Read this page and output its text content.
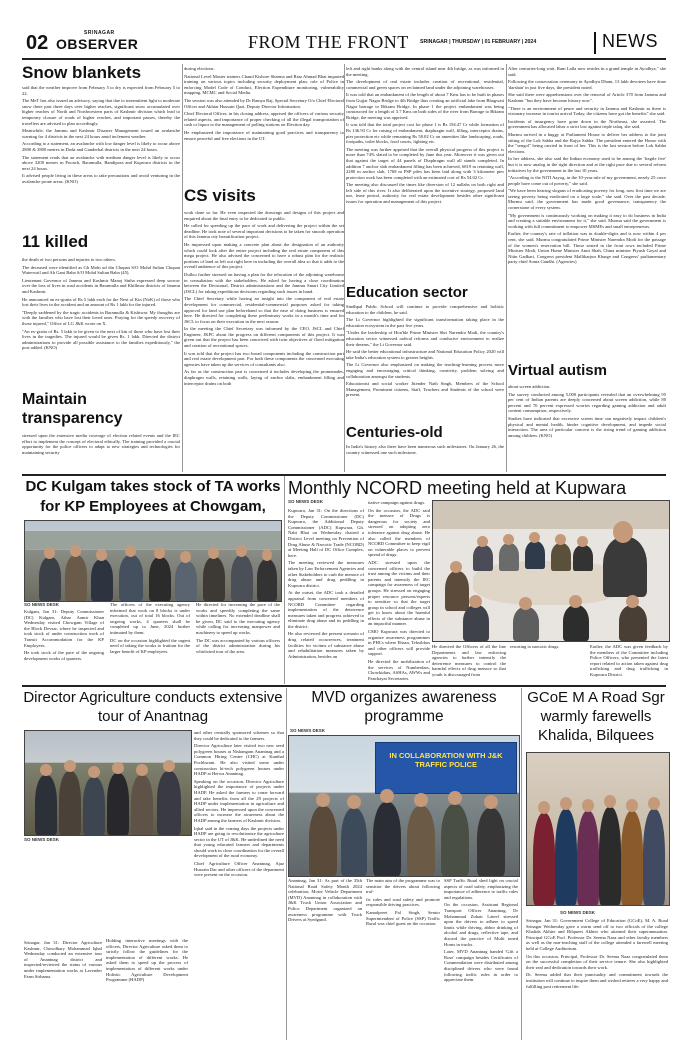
02	SRINAGAR
OBSERVER	FROM THE FRONT SRINAGAR | THURSDAY | 01 FEBRUARY | 2024	NEWS
Snow blankets

said that the weather improve from February 5 to dry is expected from February 5 to 22.

The MeT has also issued an advisory, saying that due to intermittent light to moderate snow there past three days over higher reaches, significant snow accumulated over higher reaches of North and Northwestern parts of Kashmir division which lead to temporary closure of roads of higher reaches, and important passes, thereby the travellers are advised to plan accordingly.

Meanwhile, the Jammu and Kashmir Disaster Management issued an avalanche warning for 4 districts in the next 24 hours amid inclement weather.

According to a statement, an avalanche with low danger level is likely to occur above 2800 & 3800 metres in Doda and Ganderbal districts in the next 24 hours.

The statement reads that an avalanche with medium danger level is likely to occur above 3200 metres in Poonch, Baramulla, Bandipora and Kupwara districts in the next 24 hours.

It advised people living in these areas to take precautions and avoid venturing in the avalanche prone areas. (KNO)

11 killed

the death of two persons and injuries to two others.

The deceased were identified as Gh Mohi ud din Chopan S/O Mohd Sultan Chopan Waterwail and Ab Gani Baba S/O Mohd Sultan Baba (45).

Lieutenant Governor of Jammu and Kashmir Manoj Sinha expressed deep sorrow over the loss of lives in road accidents in Baramulla and Khillmor districts of Jammu and Kashmir.

He announced an ex-gratia of Rs 5 lakh each for the Next of Kin (NoK) of those who lost their lives in the accident and an amount of Rs 1 lakh for the injured.

"Deeply saddened by the tragic accidents in Baramulla & Kishtwar. My thoughts are with the families who have lost their loved ones. Praying for the speedy recovery of those injured," Office of LG J&K wrote on X.

"An ex-gratia of Rs. 5 lakh to be given to the next of kin of those who have lost their lives in the tragedies. The injured would be given Rs. 1 lakh. Directed the district administrations to provide all possible assistance to the families expeditiously," the post added. (KNO)

Maintain transparency

stressed upon the extensive media coverage of election related events and the IEC effort to implement the concept of electoral ethically. The training provided a crucial opportunity for the police officers to adapt to new strategies and technologies for maintaining security

during elections.

National Level Master trainers Chand Kishore Sharma and Riaz Ahmad Bhat imparted training on various topics including security deployment plan, role of Police in enforcing Model Code of Conduct, Election Expenditure monitoring, vulnerability mapping, MCMC and Social Media.

The session was also attended by Dr Ramya Raj, Special Secretary O/o Chief Electoral Officer and Akhtar Hussain Qazi, Deputy Director Information.

Chief Electoral Officer, in his closing address, apprised the officers of various security related aspects, and importance of proper checking of all the illegal transportation of cash or liquor to the management of polling stations on Election day.

He emphasized the importance of maintaining good practices and transparency to ensure peaceful and free elections in the UT.

CS visits

work done so far. He even inspected the drawings and designs of this project and enquired about the final entry to be dedicated to public.

He called for speeding up the pace of work and delivering the project within the set deadline. He took note of several important decisions to be taken for smooth operation of this Jammu city beautification project.

He impressed upon making a concrete plan about the designation of an authority which could look after the entire project including the real estate component of this mega project. He also advised the concerned to have a robust plan for the realistic portions of land as left out right here in including the overall idea so that it adds to the overall ambience of this project.

Dulloo further stressed on having a plan for the relocation of the adjoining warehouse in consultation with the stakeholders. He asked for having a close coordination between the Divisional, District administrations and the Jammu Smart City Limited (JSCL) for taking expeditious decisions regarding such issues in hand.

The Chief Secretary while having an insight into the component of real estate development for commercial, residential-commercial purposes asked for taking approval for land use plan beforehand so that the ease of doing business is ensured here. He directed for completing these preliminary works in a month's time and for JSCL to focus on their execution in the next season.

In the meeting the Chief Secretary was informed by the CEO, JSCL and Chief Engineer, JKPC about the progress on different components of this project. It was given out that the project has been conceived with twin objectives of flood mitigation and creation of recreational spaces.

It was told that the project has two broad components including the construction part and real estate development part. For both these components the concerned executing agencies have taken up the services of consultants also.

As far as the construction part is concerned it includes developing the promenades, diaphragm walls, retaining walls, laying of anchor slabs, embankment filling and interceptor drains on both

left and right banks along with the central island near 4th bridge, as was informed in the meeting.

The development of real estate includes creation of recreational, residential, commercial and green spaces on reclaimed land under the adjoining warehouses.

It was told that an embankment of the length of about 7 Kms has to be built in phases from Gujjar Nagar Bridge to 4th Bridge thus creating an artificial lake from Bhagwati Nagar barrage to Bikram Bridge. In phase 1 the project embankment was being constructed for a length of 3.7 Kms on both sides of the river from Barrage to Bikram Bridge, the meeting was apprised.

It was told that the total project cost for phase 1 is Rs 194.47 Cr while formation of Rs 136.93 Cr for raising of embankment, diaphragm wall, filling, interceptor drains, pier protection etc while remaining Rs 58.02 Cr on amenities like landscaping, roads, footpaths, toilet blocks, food courts, lighting etc.

The meeting was further apprised that the overall physical progress of this project is more than 74% slated to be completed by June this year. Moreover it was given out that against the target of 44 panels of Diaphragm wall all stands completed. In addition 7 anchor slab embankment filling has been achieved, 6819 m retaining wall, 2280 m anchor slab, 1768 m PSP piles has been laid along with 3 kilometer pier protection work has been completed with an estimated cost of Rs 54.02 Cr.

The meeting also discussed the times like diversion of 12 nallahs on both right and left side of this river. It also deliberated upon the incentive strategy, proposed land use, lease period, authority for real estate development besides other significant issues for operation and management of this project.

Education sector

Sindhpal Public School will continue to provide comprehensive and holistic education to the children, he said.

The Lt Governor highlighted the significant transformation taking place in the education ecosystem in the past five years.

"Under the leadership of Hon'ble Prime Minister Shri Narendra Modi, the country's education sector witnessed radical reforms and conducive environment to realize their dreams," the Lt Governor said.

He said the better educational infrastructure and National Education Policy 2020 will take India's education system to greater heights.

The Lt Governor also emphasized on making the teaching-learning process more engaging and encouraging critical thinking, creativity, problem solving and collaboration amongst the students.

Educationist and social worker Jitender Nath Singh, Members of the School Management, Prominent citizens, Staff, Teachers and Students of the school were present.

Centuries-old

In India's history also there have been numerous such milestones. On January 26, the country witnessed one such milestone.

After centuries-long wait, Ram Lalla now resides in a grand temple in Ayodhya," she said.

Following the consecration ceremony in Ayodhya Dham, 13 lakh devotees have done 'darshan' in just five days, the president noted.

She said there were apprehensions over the removal of Article 370 from Jammu and Kashmir "but they have become history now".

"There is an environment of peace and security in Jammu and Kashmir as there is visionary increase in tourist arrival Today, the citizens have got the benefits" she said.

Incidents of insurgency have gone down in the Northeast, she asserted. The government has allocated labor a strict low against triple talaq, she said.

Murmu arrived in a buggy at Parliament House to deliver her address to the joint sitting of the Lok Sabha and the Rajya Sabha. The president entered the House with the "sengol" being carried in front of her. This is the last session before Lok Sabha elections.

In her address, she also said the Indian economy used to be among the 'fragile five' but it is now analog in the right direction and at the right pace due to several reform initiatives by the government in the last 10 years.

"According to the NITI Aayog, in the 10-year rule of my government, nearly 25 crore people have come out of poverty," she said.

"We have been hearing slogans of eradicating poverty for long, now first time we are seeing poverty being eradicated on a large scale," she said. Over the past decade, Murmu said, the government has made good governance, transparency the cornerstone of every system.

"My government is continuously working on making it easy to do business in India and creating a suitable environment for it," she said. Murmu said the government is working with full commitment to empower MSMEs and small entrepreneurs.

Earlier, the country's rate of inflation was in double-digits and is now within 4 per cent, she said. Murmu congratulated Prime Minister Narendra Modi for the passage of the women's reservation bill. Those seated in the front rows included Prime Minister Modi, Union Home Minister Amit Shah, China minister Piyush Goyal and Nitin Gadkari, Congress president Mallikarjun Kharge and Congress' parliamentary party chief Sonia Gandhi. (Agencies)

Virtual autism

about screen addiction.

The survey conducted among 5,000 participants revealed that an overwhelming 95 per cent of Indian parents are deeply concerned about screen addiction, while 80 percent and 70 percent expressed worries regarding gaming addiction and adult content consumption, respectively.

Studies have indicated that excessive screen time can negatively impact children's physical and mental health, hinder cognitive development, and impede social interaction. The area of particular concern is the rising trend of gaming addiction among children. (KNO)

DC Kulgam takes stock of TA works for KP Employees at Chowgam,
SO NEWS DESK

Kulgam, Jan 31: Deputy Commissioner (DC) Kulgam, Athar Aamir Khan Wednesday visited Chowgam Village of the Block Devsar, where he inspected and took stock of under construction work of Transit Accommodation for the KP Employees.

He took stock of the pace of the ongoing development works of quarters.

The officers of the executing agency informed that work on 8 blocks is under execution, out of total 16 blocks. Out of ongoing works, 4 quarters shall be completed up to June, 2024 further intimated by them.

DC on the occasion highlighted the urgent need of taking the works to fruition for the larger benefit of KP employees.

He directed for increasing the pace of the works and speedily completing the same within timelines. No extended deadline shall be given, DC said to the executing agency while calling for increasing manpower and machinery to speed up works.

The DC was accompanied by various officers of the district administration during his whirlwind tour of the area.

Monthly NCORD meeting held at Kupwara
SO NEWS DESK

Kupwara, Jan 31: On the directions of the Deputy Commissioner (DC) Kupwara, the Additional Deputy Commissioner (ADC) Kupwara, Gh. Nabi Bhat on Wednesday chaired a District Level meeting on Prevention of Drug Abuse & Narcotic Trade (NCORD) at Meeting Hall of DC Office Complex, here.

The meeting reviewed the measures taken by Law Enforcement Agencies and other Stakeholders to curb the menace of drug abuse and drug peddling in Kupwara district.

At the outset, the ADC took a detailed appraisal from concerned members of NCORD Committee regarding implementation of the deterrence measures taken and progress achieved to eliminate drug abuse and its peddling in the district.

He also reviewed the present scenario of drug related occurrences, treatment facilities for victims of substance abuse and rehabilitation measures taken by Administration, besides an

tiative campaign against drugs.

On the occasion, the ADC said the menace of Drugs is dangerous for society and stressed on adopting zero tolerance against drug abuse. He also called the members of NCORD Committee to keep vigil on vulnerable places to prevent spread of drugs.

ADC stressed upon the concerned officers to build the trust among the victims and their parents and intensify the IEC campaign for awareness of target groups. He stressed on engaging proper resource persons/experts to sensitize so that the target group in school and colleges will get to know about the harmful effects of the substance abuse in an impactful manner.

CMO Kupwara was directed to organize awareness programmes in PHCs where Ehsan, Tehsildars and other officers will provide support.

He directed the mobilization of the services of Numberdars, Chowkidars, ASHAs, AWWs and Panchayat Secretaries.

He directed the Officers of all the line Departments and law enforcing agencies to further intensify the deterrence measures to control the harmful effects of drug menace so that youth is discouraged from

resorting to narcotic drugs.	Earlier, the ADC was given feedback by the members of the Committee including Police Officers, who presented the latest report related to action taken against drug trafficking and drug trafficking in Kupwara District.

Director Agriculture conducts extensive tour of Anantnag
SO NEWS DESK

Srinagar, Jan 31: Director Agriculture Kashmir, Chowdhary Mohammad Iqbal Wednesday conducted an extensive tour of Anantnag district and inspected/reviewed the status of various under implementation works at Lavender Farm Sirhama.

Holding interactive meetings with the officers, Director Agriculture asked them to strictly follow the guidelines for the implementation of different works. He asked them to speed up the process of implementation of different works under Holistic Agriculture Development Programme (HADP)

and other centrally sponsored schemes so that they could be dedicated to the farmers.

Director Agriculture later visited two new seed polygreen houses at Nishangam Anantnag and a Common Hiring Centre (CHC) at Kunihal Pochhwani. He also visited some under construction hi-tech polygreen houses under HADP at Herwa Anantnag.

Speaking on the occasion, Director Agriculture highlighted the importance of projects under HADP. He asked the farmers to come forward and take benefits from all the 29 projects of HADP under implementation in agriculture and allied sectors. He impressed upon the concerned officers to increase the awareness about the HADP among the farmers of Kashmir division.

Iqbal said in the coming days the projects under HADP are going to revolutionize the agriculture sector in the UT of J&K. He underlined the need that young educated farmers and departments should work in close coordination for the overall development of the rural economy.

Chief Agriculture Officer Anantnag, Ajaz Hussain Dar and other officers of the department were present on the occasion.

MVD organizes awareness programme
SO NEWS DESK
IN COLLABORATION WITH J&K TRAFFIC POLICE

Anantnag, Jan 31: As part of the 35th National Road Safety Month 2024 celebration, Motor Vehicle Department (MVD) Anantnag in collaboration with J&K Truck Union Association and Police Department organized an awareness programme with Truck Drivers at Syedgund.

The main aim of the programme was to sensitise the drivers about following traf-

fic rules and road safety and promote responsible driving practices.

Kamalpreet Pal Singh, Senior Superintendent of Police (SSP) Traffic Rural was chief guest on the occasion.

SSP Traffic Rural shed light on crucial aspects of road safety, emphasizing the importance of adherence to traffic rules and regulations.

On the occasion, Assistant Regional Transport Officer Anantnag, Dr Mohammad Zubair Lateef stressed upon the drivers to adhere to speed limits while driving, abhor drinking of alcohol and drugs, reflective tape, and discard the practice of Multi toned Horns in trucks.

Later, MVD Anantnag handed 'Gift a Rose' campaign besides Certificates of Commendation were distributed among disciplined drivers who were found following traffic rules in order to appreciate them.

GCoE M A Road Sgr warmly farewells Khalida, Bilquees
SO NEWS DESK

Srinagar, Jan 31: Government College of Education (GCoE), M. A. Road Srinagar Wednesday gave a warm send off to two officials of the college Khalida Akhter and Bilquees Akhter who attained their superannuation. Principal GCoE Prof. Professor Dr. Seema Naaz and other faculty members as well as the non-teaching staff of the college attended a farewell meeting held at College Auditorium.

On this occasion, Principal, Professor Dr. Seema Naaz congratulated them on the successful completion of their service tenure. She also highlighted their zeal and dedication towards their work.

Dr. Seema added that their punctuality and commitment towards the institution will continue to inspire them and wished retirees a very happy and fulfilling post retirement life.
